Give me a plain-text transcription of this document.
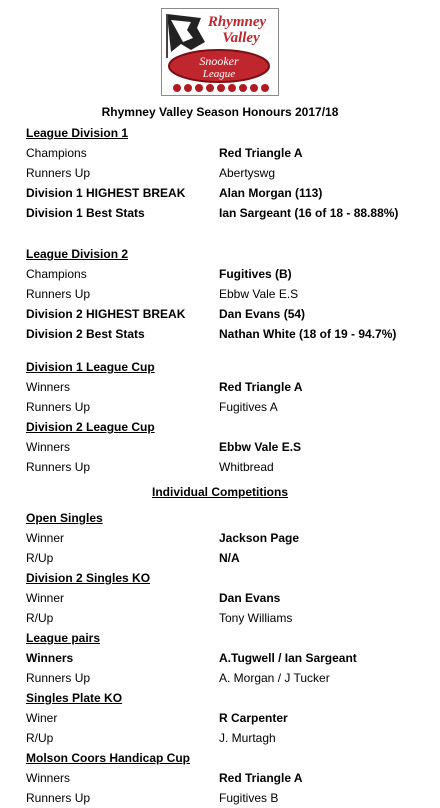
Rhymney
Valley
Snooker
League
Rhymney Valley Season Honours 2017/18
League Division 1
Champions	Red Triangle A
Runners Up	Abertyswg
Division 1 HIGHEST BREAK	Alan Morgan (113)
Division 1 Best Stats	Ian Sargeant (16 of 18 - 88.88%)
League Division 2
Champions	Fugitives (B)
Runners Up	Ebbw Vale E.S
Division 2 HIGHEST BREAK	Dan Evans (54)
Division 2 Best Stats	Nathan White (18 of 19 - 94.7%)
Division 1 League Cup
Winners	Red Triangle A
Runners Up	Fugitives A
Division 2 League Cup
Winners	Ebbw Vale E.S
Runners Up	Whitbread
Individual Competitions
Open Singles
Winner	Jackson Page
R/Up	N/A
Division 2 Singles KO
Winner	Dan Evans
R/Up	Tony Williams
League pairs
Winners	A.Tugwell / Ian Sargeant
Runners Up	A. Morgan / J Tucker
Singles Plate KO
Winer	R Carpenter
R/Up	J. Murtagh
Molson Coors Handicap Cup
Winners	Red Triangle A
Runners Up	Fugitives B
